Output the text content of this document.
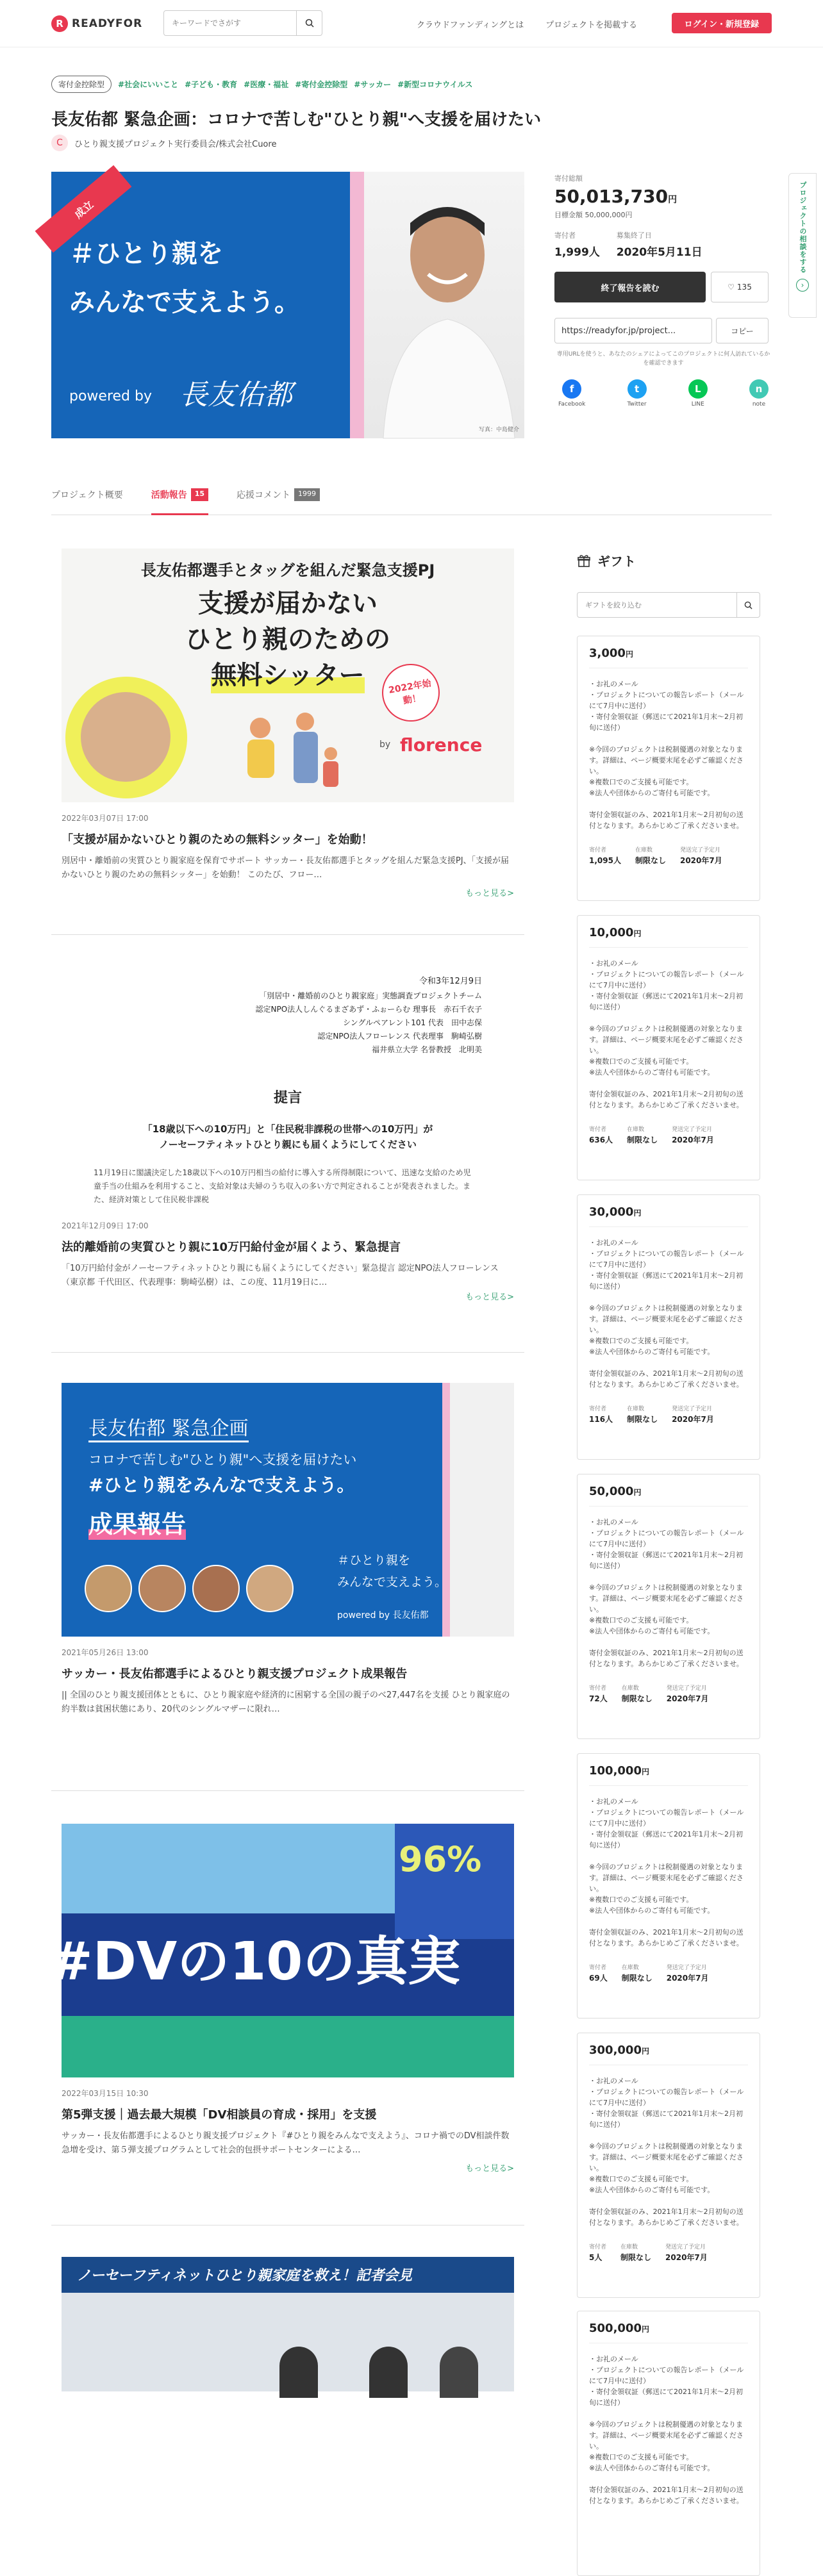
R READYFOR
キーワードでさがす	クラウドファンディングとは	プロジェクトを掲載する	ログイン・新規登録
寄付金控除型	#社会にいいこと #子ども・教育 #医療・福祉 #寄付金控除型 #サッカー #新型コロナウイルス
長友佑都 緊急企画：コロナで苦しむ"ひとり親"へ支援を届けたい
C	ひとり親支援プロジェクト実行委員会/株式会社Cuore
成立
＃ひとり親を
みんなで支えよう。
powered by 長友佑都
写真：中島健介
寄付総額
50,013,730円
目標金額 50,000,000円
寄付者
1,999人
募集終了日
2020年5月11日
終了報告を読む	♡ 135
https://readyfor.jp/project...	コピー
専用URLを使うと、あなたのシェアによってこのプロジェクトに何人訪れているかを確認できます
f
Facebook
t
Twitter
L
LINE
n
note
プロジェクトの相談をする
›
プロジェクト概要	活動報告	15	応援コメント	1999
長友佑都選手とタッグを組んだ緊急支援PJ
支援が届かない
ひとり親のための
無料シッター	2022年始動！
by florence
2022年03月07日 17:00
「支援が届かないひとり親のための無料シッター」を始動！
別居中・離婚前の実質ひとり親家庭を保育でサポート サッカー・長友佑都選手とタッグを組んだ緊急支援PJ、「支援が届かないひとり親のための無料シッター」を始動！ このたび、フロー…
もっと見る>
令和3年12月9日
「別居中・離婚前のひとり親家庭」実態調査プロジェクトチーム
認定NPO法人しんぐるまざあず・ふぉーらむ 理事長　赤石千衣子
シングルペアレント101 代表　田中志保
認定NPO法人フローレンス 代表理事　駒崎弘樹
福井県立大学 名誉教授　北明美
提言
「18歳以下への10万円」と「住民税非課税の世帯への10万円」が
ノーセーフティネットひとり親にも届くようにしてください
11月19日に閣議決定した18歳以下への10万円相当の給付に導入する所得制限について、迅速な支給のため児童手当の仕組みを利用すること、支給対象は夫婦のうち収入の多い方で判定されることが発表されました。また、経済対策として住民税非課税
2021年12月09日 17:00
法的離婚前の実質ひとり親に10万円給付金が届くよう、緊急提言
「10万円給付金がノーセーフティネットひとり親にも届くようにしてください」緊急提言 認定NPO法人フローレンス（東京都 千代田区、代表理事：駒崎弘樹）は、この度、11月19日に…
もっと見る>
長友佑都 緊急企画
コロナで苦しむ"ひとり親"へ支援を届けたい
#ひとり親をみんなで支えよう。
成果報告
＃ひとり親を
みんなで支えよう。
powered by 長友佑都
2021年05月26日 13:00
サッカー・長友佑都選手によるひとり親支援プロジェクト成果報告
|| 全国のひとり親支援団体とともに、ひとり親家庭や経済的に困窮する全国の親子のべ27,447名を支援 ひとり親家庭の約半数は貧困状態にあり、20代のシングルマザーに限れ…
96%
#DVの10の真実
2022年03月15日 10:30
第5弾支援｜過去最大規模「DV相談員の育成・採用」を支援
サッカー・長友佑都選手によるひとり親支援プロジェクト『#ひとり親をみんなで支えよう』、コロナ禍でのDV相談件数急増を受け、第５弾支援プログラムとして社会的包摂サポートセンターによる…
もっと見る>
ノーセーフティネットひとり親家庭を救え！記者会見
ギフト
ギフトを絞り込む
3,000円
・お礼のメール
・プロジェクトについての報告レポート（メールにて7月中に送付）
・寄付金領収証（郵送にて2021年1月末〜2月初旬に送付）

※今回のプロジェクトは税制優遇の対象となります。詳細は、ページ概要末尾を必ずご確認ください。
※複数口でのご支援も可能です。
※法人や団体からのご寄付も可能です。

寄付金領収証のみ、2021年1月末〜2月初旬の送付となります。あらかじめご了承くださいませ。
寄付者
1,095人
在庫数
制限なし
発送完了予定月
2020年7月
10,000円
・お礼のメール
・プロジェクトについての報告レポート（メールにて7月中に送付）
・寄付金領収証（郵送にて2021年1月末〜2月初旬に送付）

※今回のプロジェクトは税制優遇の対象となります。詳細は、ページ概要末尾を必ずご確認ください。
※複数口でのご支援も可能です。
※法人や団体からのご寄付も可能です。

寄付金領収証のみ、2021年1月末〜2月初旬の送付となります。あらかじめご了承くださいませ。
寄付者
636人
在庫数
制限なし
発送完了予定月
2020年7月
30,000円
・お礼のメール
・プロジェクトについての報告レポート（メールにて7月中に送付）
・寄付金領収証（郵送にて2021年1月末〜2月初旬に送付）

※今回のプロジェクトは税制優遇の対象となります。詳細は、ページ概要末尾を必ずご確認ください。
※複数口でのご支援も可能です。
※法人や団体からのご寄付も可能です。

寄付金領収証のみ、2021年1月末〜2月初旬の送付となります。あらかじめご了承くださいませ。
寄付者
116人
在庫数
制限なし
発送完了予定月
2020年7月
50,000円
・お礼のメール
・プロジェクトについての報告レポート（メールにて7月中に送付）
・寄付金領収証（郵送にて2021年1月末〜2月初旬に送付）

※今回のプロジェクトは税制優遇の対象となります。詳細は、ページ概要末尾を必ずご確認ください。
※複数口でのご支援も可能です。
※法人や団体からのご寄付も可能です。

寄付金領収証のみ、2021年1月末〜2月初旬の送付となります。あらかじめご了承くださいませ。
寄付者
72人
在庫数
制限なし
発送完了予定月
2020年7月
100,000円
・お礼のメール
・プロジェクトについての報告レポート（メールにて7月中に送付）
・寄付金領収証（郵送にて2021年1月末〜2月初旬に送付）

※今回のプロジェクトは税制優遇の対象となります。詳細は、ページ概要末尾を必ずご確認ください。
※複数口でのご支援も可能です。
※法人や団体からのご寄付も可能です。

寄付金領収証のみ、2021年1月末〜2月初旬の送付となります。あらかじめご了承くださいませ。
寄付者
69人
在庫数
制限なし
発送完了予定月
2020年7月
300,000円
・お礼のメール
・プロジェクトについての報告レポート（メールにて7月中に送付）
・寄付金領収証（郵送にて2021年1月末〜2月初旬に送付）

※今回のプロジェクトは税制優遇の対象となります。詳細は、ページ概要末尾を必ずご確認ください。
※複数口でのご支援も可能です。
※法人や団体からのご寄付も可能です。

寄付金領収証のみ、2021年1月末〜2月初旬の送付となります。あらかじめご了承くださいませ。
寄付者
5人
在庫数
制限なし
発送完了予定月
2020年7月
500,000円
・お礼のメール
・プロジェクトについての報告レポート（メールにて7月中に送付）
・寄付金領収証（郵送にて2021年1月末〜2月初旬に送付）

※今回のプロジェクトは税制優遇の対象となります。詳細は、ページ概要末尾を必ずご確認ください。
※複数口でのご支援も可能です。
※法人や団体からのご寄付も可能です。

寄付金領収証のみ、2021年1月末〜2月初旬の送付となります。あらかじめご了承くださいませ。
